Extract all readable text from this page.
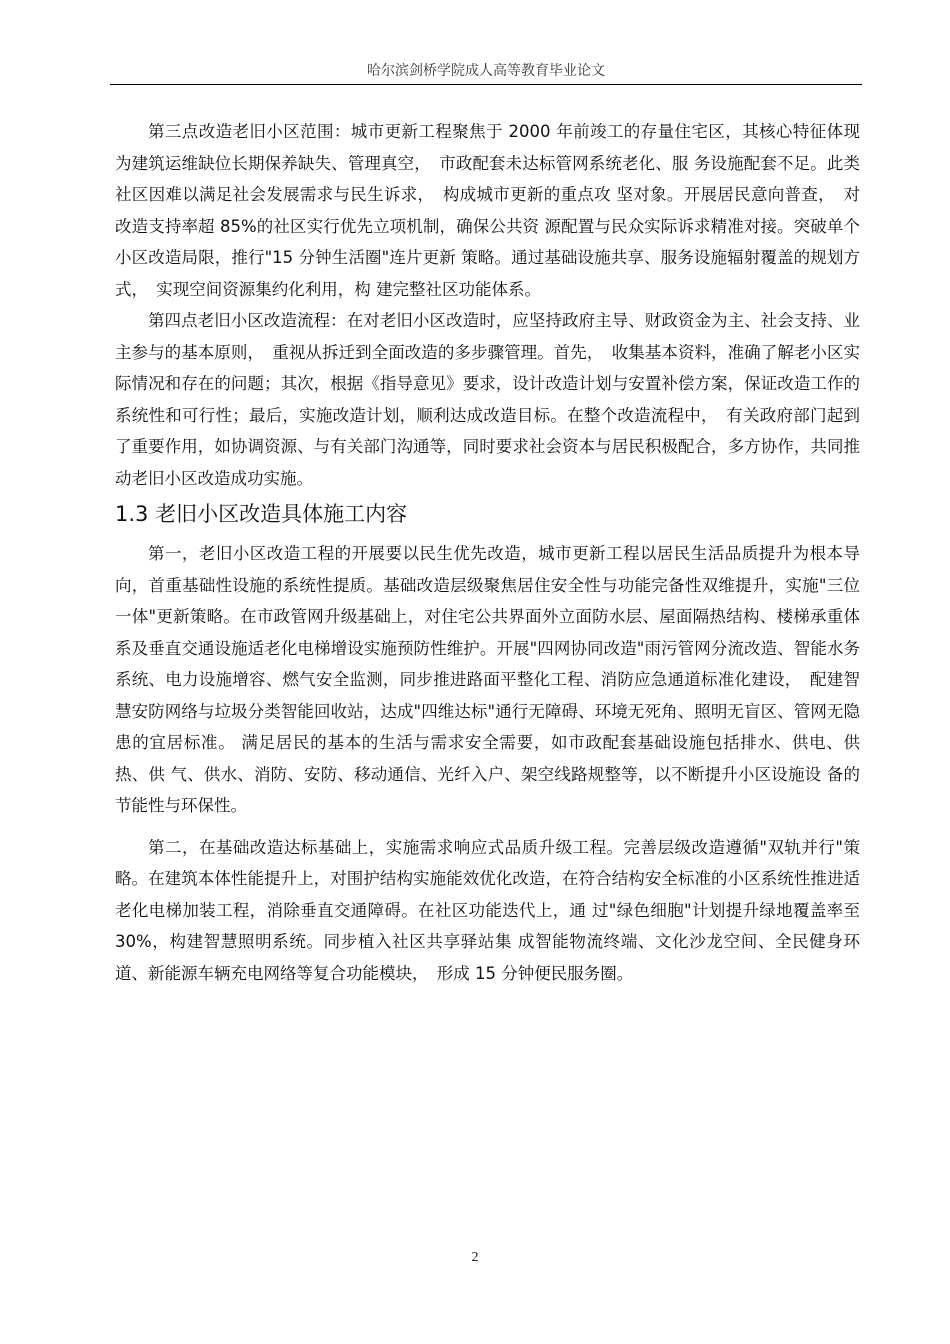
哈尔滨剑桥学院成人高等教育毕业论文

第三点改造老旧小区范围：城市更新工程聚焦于 2000 年前竣工的存量住宅区，其核心特征体现为建筑运维缺位长期保养缺失、管理真空，　市政配套未达标管网系统老化、服 务设施配套不足。此类社区因难以满足社会发展需求与民生诉求，　构成城市更新的重点攻 坚对象。开展居民意向普查，　对改造支持率超 85%的社区实行优先立项机制，确保公共资 源配置与民众实际诉求精准对接。突破单个小区改造局限，推行"15 分钟生活圈"连片更新 策略。通过基础设施共享、服务设施辐射覆盖的规划方式，　实现空间资源集约化利用，构 建完整社区功能体系。

第四点老旧小区改造流程：在对老旧小区改造时，应坚持政府主导、财政资金为主、社会支持、业主参与的基本原则，　重视从拆迁到全面改造的多步骤管理。首先，　收集基本资料，准确了解老小区实际情况和存在的问题；其次，根据《指导意见》要求，设计改造计划与安置补偿方案，保证改造工作的系统性和可行性；最后，实施改造计划，顺利达成改造目标。在整个改造流程中，　有关政府部门起到了重要作用，如协调资源、与有关部门沟通等，同时要求社会资本与居民积极配合，多方协作，共同推动老旧小区改造成功实施。

1.3 老旧小区改造具体施工内容

第一，老旧小区改造工程的开展要以民生优先改造，城市更新工程以居民生活品质提升为根本导向，首重基础性设施的系统性提质。基础改造层级聚焦居住安全性与功能完备性双维提升，实施"三位一体"更新策略。在市政管网升级基础上，对住宅公共界面外立面防水层、屋面隔热结构、楼梯承重体系及垂直交通设施适老化电梯增设实施预防性维护。开展"四网协同改造"雨污管网分流改造、智能水务系统、电力设施增容、燃气安全监测，同步推进路面平整化工程、消防应急通道标准化建设，　配建智慧安防网络与垃圾分类智能回收站，达成"四维达标"通行无障碍、环境无死角、照明无盲区、管网无隐患的宜居标准。 满足居民的基本的生活与需求安全需要，如市政配套基础设施包括排水、供电、供热、供 气、供水、消防、安防、移动通信、光纤入户、架空线路规整等，以不断提升小区设施设 备的节能性与环保性。

第二，在基础改造达标基础上，实施需求响应式品质升级工程。完善层级改造遵循"双轨并行"策略。在建筑本体性能提升上，对围护结构实施能效优化改造，在符合结构安全标准的小区系统性推进适老化电梯加装工程，消除垂直交通障碍。在社区功能迭代上，通 过"绿色细胞"计划提升绿地覆盖率至 30%，构建智慧照明系统。同步植入社区共享驿站集 成智能物流终端、文化沙龙空间、全民健身环道、新能源车辆充电网络等复合功能模块，　形成 15 分钟便民服务圈。

2
